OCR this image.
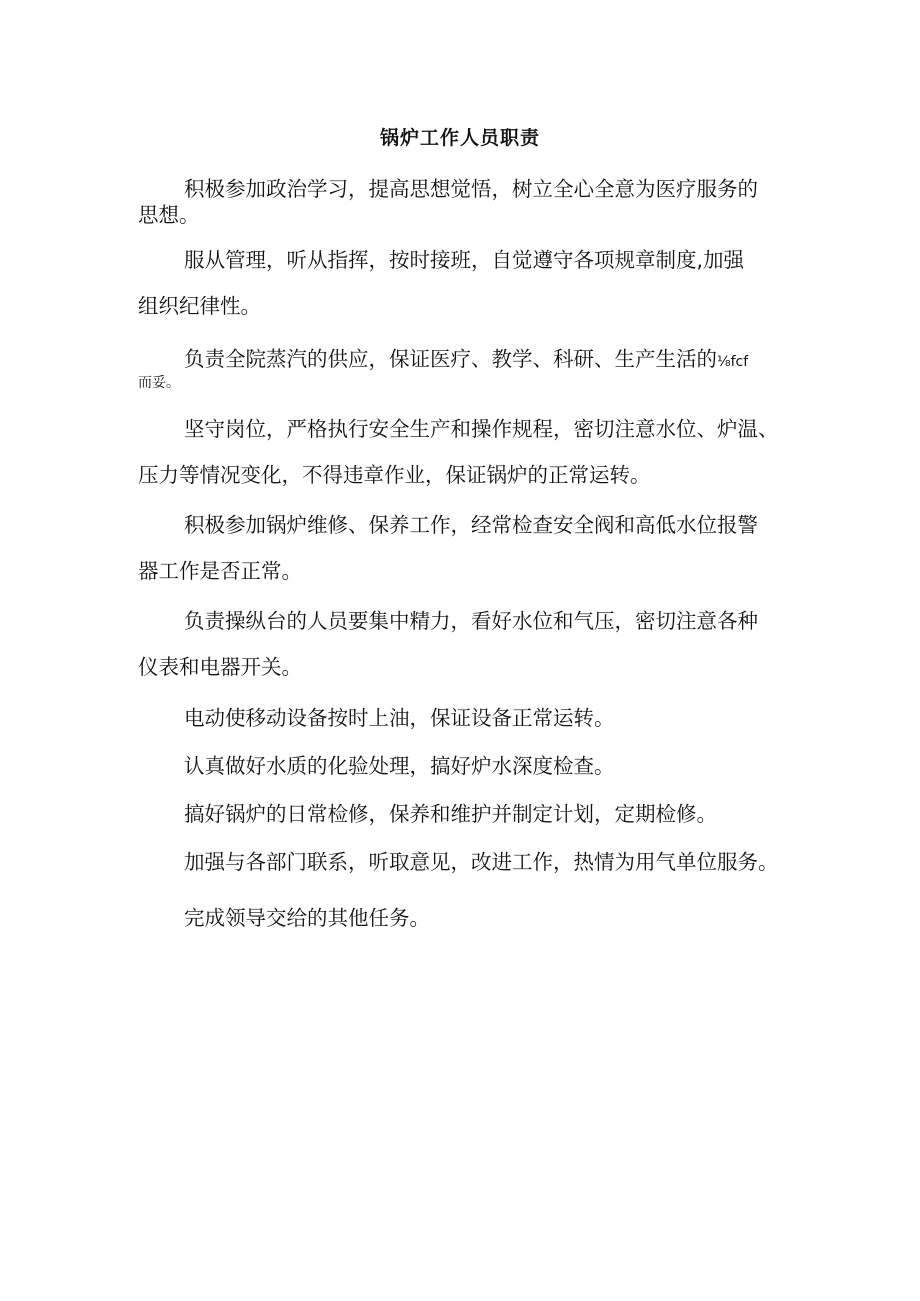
锅炉工作人员职责
积极参加政治学习，提高思想觉悟，树立全心全意为医疗服务的
思想。
服从管理，听从指挥，按时接班，自觉遵守各项规章制度,加强
组织纪律性。
负责全院蒸汽的供应，保证医疗、教学、科研、生产生活的⅛fcf
而妥。
坚守岗位，严格执行安全生产和操作规程，密切注意水位、炉温、
压力等情况变化，不得违章作业，保证锅炉的正常运转。
积极参加锅炉维修、保养工作，经常检查安全阀和高低水位报警
器工作是否正常。
负责操纵台的人员要集中精力，看好水位和气压，密切注意各种
仪表和电器开关。
电动使移动设备按时上油，保证设备正常运转。
认真做好水质的化验处理，搞好炉水深度检查。
搞好锅炉的日常检修，保养和维护并制定计划，定期检修。
加强与各部门联系，听取意见，改进工作，热情为用气单位服务。
完成领导交给的其他任务。
